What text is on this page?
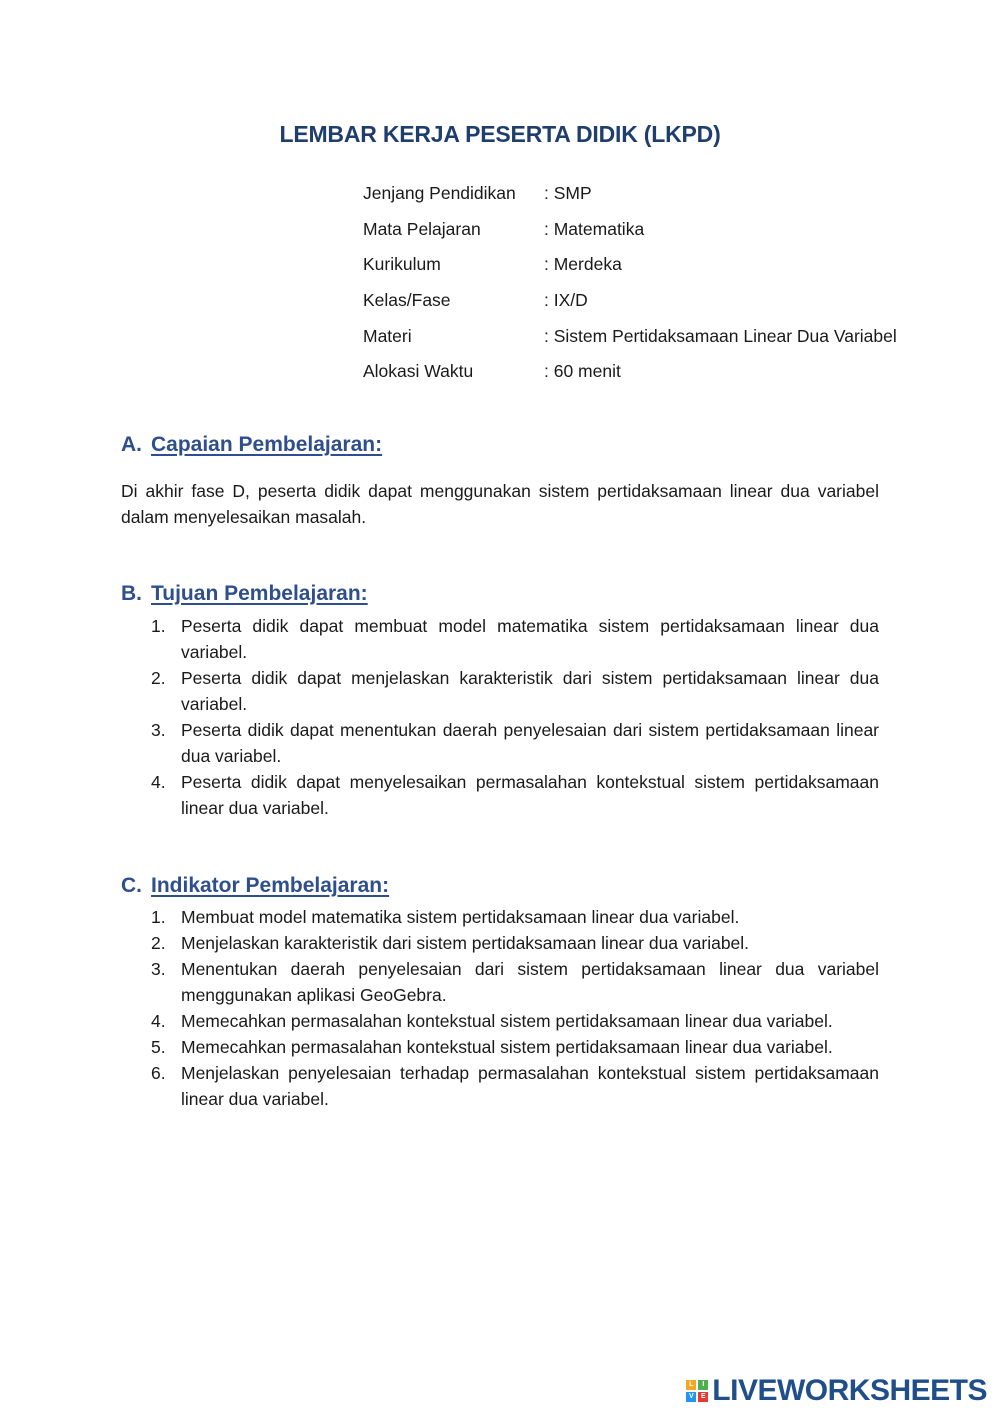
LEMBAR KERJA PESERTA DIDIK (LKPD)
Jenjang Pendidikan	: SMP
Mata Pelajaran	: Matematika
Kurikulum	: Merdeka
Kelas/Fase	: IX/D
Materi	: Sistem Pertidaksamaan Linear Dua Variabel
Alokasi Waktu	: 60 menit
A. Capaian Pembelajaran:

Di akhir fase D, peserta didik dapat menggunakan sistem pertidaksamaan linear dua variabel dalam menyelesaikan masalah.

B. Tujuan Pembelajaran:
1. Peserta didik dapat membuat model matematika sistem pertidaksamaan linear dua variabel.
2. Peserta didik dapat menjelaskan karakteristik dari sistem pertidaksamaan linear dua variabel.
3. Peserta didik dapat menentukan daerah penyelesaian dari sistem pertidaksamaan linear dua variabel.
4. Peserta didik dapat menyelesaikan permasalahan kontekstual sistem pertidaksamaan linear dua variabel.
C. Indikator Pembelajaran:
1. Membuat model matematika sistem pertidaksamaan linear dua variabel.
2. Menjelaskan karakteristik dari sistem pertidaksamaan linear dua variabel.
3. Menentukan daerah penyelesaian dari sistem pertidaksamaan linear dua variabel menggunakan aplikasi GeoGebra.
4. Memecahkan permasalahan kontekstual sistem pertidaksamaan linear dua variabel.
5. Memecahkan permasalahan kontekstual sistem pertidaksamaan linear dua variabel.
6. Menjelaskan penyelesaian terhadap permasalahan kontekstual sistem pertidaksamaan linear dua variabel.
L	I
V	E LIVEWORKSHEETS
